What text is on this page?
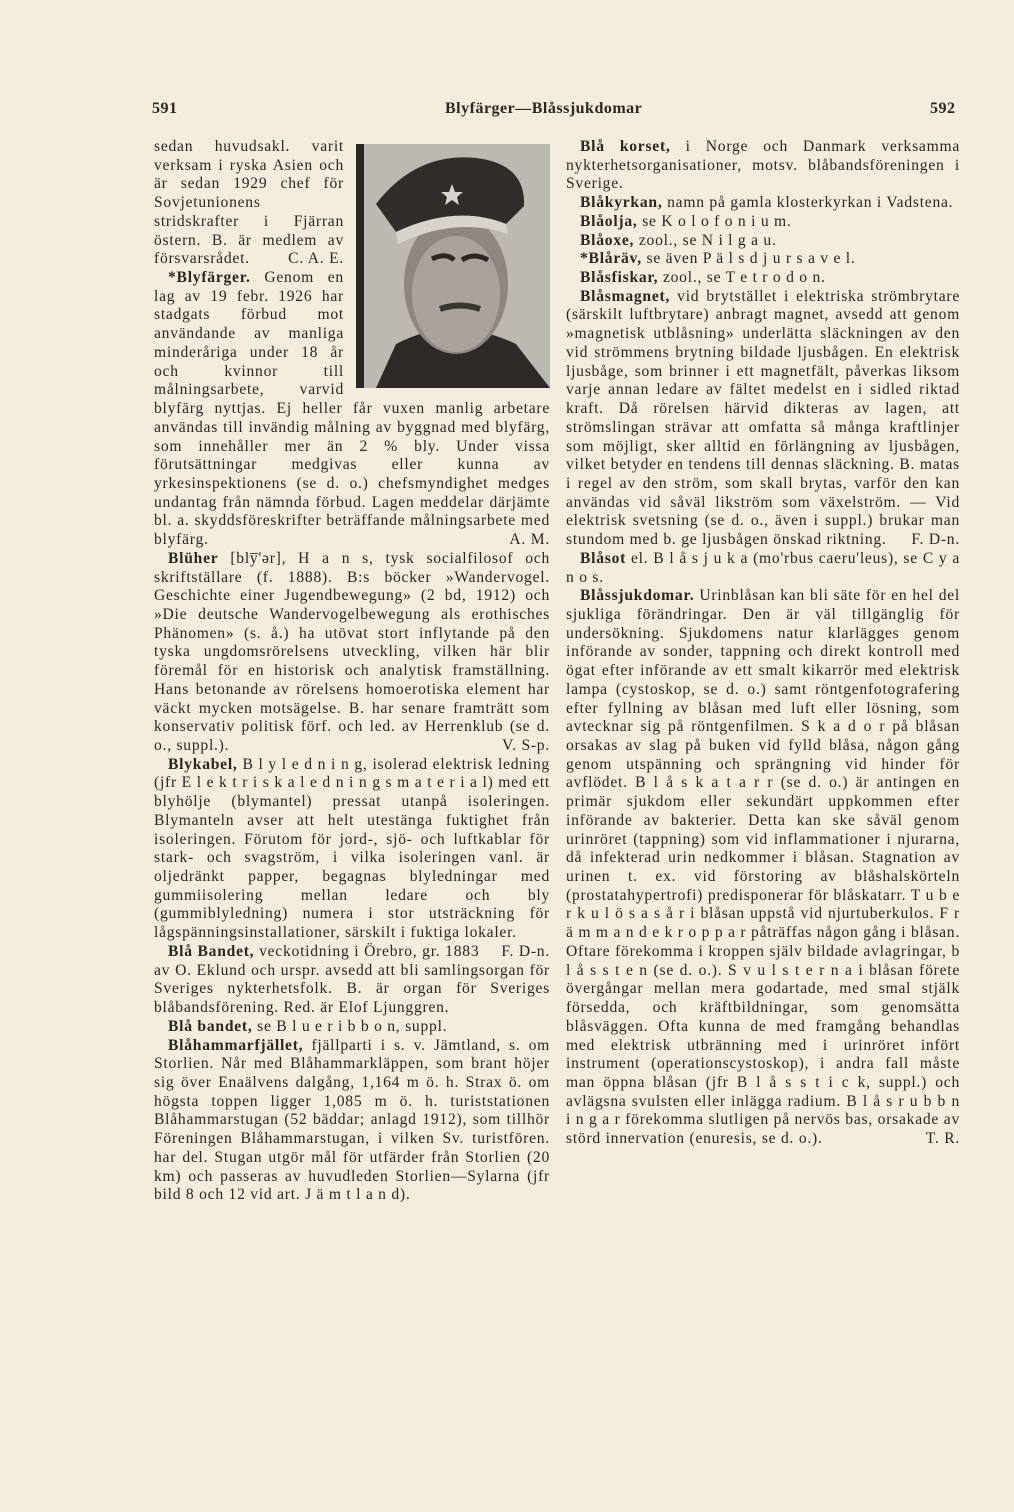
591	Blyfärger—Blåssjukdomar	592

sedan huvudsakl. varit verksam i ryska Asien och är sedan 1929 chef för Sovjetunionens stridskrafter i Fjärran östern. B. är medlem av försvarsrådet. C. A. E.

*Blyfärger. Genom en lag av 19 febr. 1926 har stadgats förbud mot användande av manliga minderåriga under 18 år och kvinnor till målningsarbete, varvid blyfärg nyttjas. Ej heller får vuxen manlig arbetare användas till invändig målning av byggnad med blyfärg, som innehåller mer än 2 % bly. Under vissa förutsättningar medgivas eller kunna av yrkesinspektionens (se d. o.) chefsmyndighet medges undantag från nämnda förbud. Lagen meddelar därjämte bl. a. skyddsföreskrifter beträffande målningsarbete med blyfärg.	A. M.

Blüher [bly̅'ər], H a n s, tysk socialfilosof och skriftställare (f. 1888). B:s böcker »Wandervogel. Geschichte einer Jugendbewegung» (2 bd, 1912) och »Die deutsche Wandervogelbewegung als erothisches Phänomen» (s. å.) ha utövat stort inflytande på den tyska ungdomsrörelsens utveckling, vilken här blir föremål för en historisk och analytisk framställning. Hans betonande av rörelsens homoerotiska element har väckt mycken motsägelse. B. har senare framträtt som konservativ politisk förf. och led. av Herrenklub (se d. o., suppl.).	V. S-p.

Blykabel, B l y l e d n i n g, isolerad elektrisk ledning (jfr E l e k t r i s k a l e d n i n g s m a t e r i a l) med ett blyhölje (blymantel) pressat utanpå isoleringen. Blymanteln avser att helt utestänga fuktighet från isoleringen. Förutom för jord-, sjö- och luftkablar för stark- och svagström, i vilka isoleringen vanl. är oljedränkt papper, begagnas blyledningar med gummiisolering mellan ledare och bly (gummiblyledning) numera i stor utsträckning för lågspänningsinstallationer, särskilt i fuktiga lokaler.
F. D-n.

Blå Bandet, veckotidning i Örebro, gr. 1883 av O. Eklund och urspr. avsedd att bli samlingsorgan för Sveriges nykterhetsfolk. B. är organ för Sveriges blåbandsförening. Red. är Elof Ljunggren.

Blå bandet, se B l u e r i b b o n, suppl.

Blåhammarfjället, fjällparti i s. v. Jämtland, s. om Storlien. Når med Blåhammarkläppen, som brant höjer sig över Enaälvens dalgång, 1,164 m ö. h. Strax ö. om högsta toppen ligger 1,085 m ö. h. turiststationen Blåhammarstugan (52 bäddar; anlagd 1912), som tillhör Föreningen Blåhammarstugan, i vilken Sv. turistfören. har del. Stugan utgör mål för utfärder från Storlien (20 km) och passeras av huvudleden Storlien—Sylarna (jfr bild 8 och 12 vid art. J ä m t l a n d).

Blå korset, i Norge och Danmark verksamma nykterhetsorganisationer, motsv. blåbandsföreningen i Sverige.

Blåkyrkan, namn på gamla klosterkyrkan i Vadstena.

Blåolja, se K o l o f o n i u m.

Blåoxe, zool., se N i l g a u.

*Blåräv, se även P ä l s d j u r s a v e l.

Blåsfiskar, zool., se T e t r o d o n.

Blåsmagnet, vid brytstället i elektriska strömbrytare (särskilt luftbrytare) anbragt magnet, avsedd att genom »magnetisk utblåsning» underlätta släckningen av den vid strömmens brytning bildade ljusbågen. En elektrisk ljusbåge, som brinner i ett magnetfält, påverkas liksom varje annan ledare av fältet medelst en i sidled riktad kraft. Då rörelsen härvid dikteras av lagen, att strömslingan strävar att omfatta så många kraftlinjer som möjligt, sker alltid en förlängning av ljusbågen, vilket betyder en tendens till dennas släckning. B. matas i regel av den ström, som skall brytas, varför den kan användas vid såväl likström som växelström. — Vid elektrisk svetsning (se d. o., även i suppl.) brukar man stundom med b. ge ljusbågen önskad riktning.	F. D-n.

Blåsot el. B l å s j u k a (mo'rbus caeru'leus), se C y a n o s.

Blåssjukdomar. Urinblåsan kan bli säte för en hel del sjukliga förändringar. Den är väl tillgänglig för undersökning. Sjukdomens natur klarlägges genom införande av sonder, tappning och direkt kontroll med ögat efter införande av ett smalt kikarrör med elektrisk lampa (cystoskop, se d. o.) samt röntgenfotografering efter fyllning av blåsan med luft eller lösning, som avtecknar sig på röntgenfilmen. S k a d o r på blåsan orsakas av slag på buken vid fylld blåsa, någon gång genom utspänning och sprängning vid hinder för avflödet. B l å s k a t a r r (se d. o.) är antingen en primär sjukdom eller sekundärt uppkommen efter införande av bakterier. Detta kan ske såväl genom urinröret (tappning) som vid inflammationer i njurarna, då infekterad urin nedkommer i blåsan. Stagnation av urinen t. ex. vid förstoring av blåshalskörteln (prostatahypertrofi) predisponerar för blåskatarr. T u b e r k u l ö s a s å r i blåsan uppstå vid njurtuberkulos. F r ä m m a n d e k r o p p a r påträffas någon gång i blåsan. Oftare förekomma i kroppen själv bildade avlagringar, b l å s s t e n (se d. o.). S v u l s t e r n a i blåsan förete övergångar mellan mera godartade, med smal stjälk försedda, och kräftbildningar, som genomsätta blåsväggen. Ofta kunna de med framgång behandlas med elektrisk utbränning med i urinröret infört instrument (operationscystoskop), i andra fall måste man öppna blåsan (jfr B l å s s t i c k, suppl.) och avlägsna svulsten eller inlägga radium. B l å s r u b b n i n g a r förekomma slutligen på nervös bas, orsakade av störd innervation (enuresis, se d. o.).	T. R.
